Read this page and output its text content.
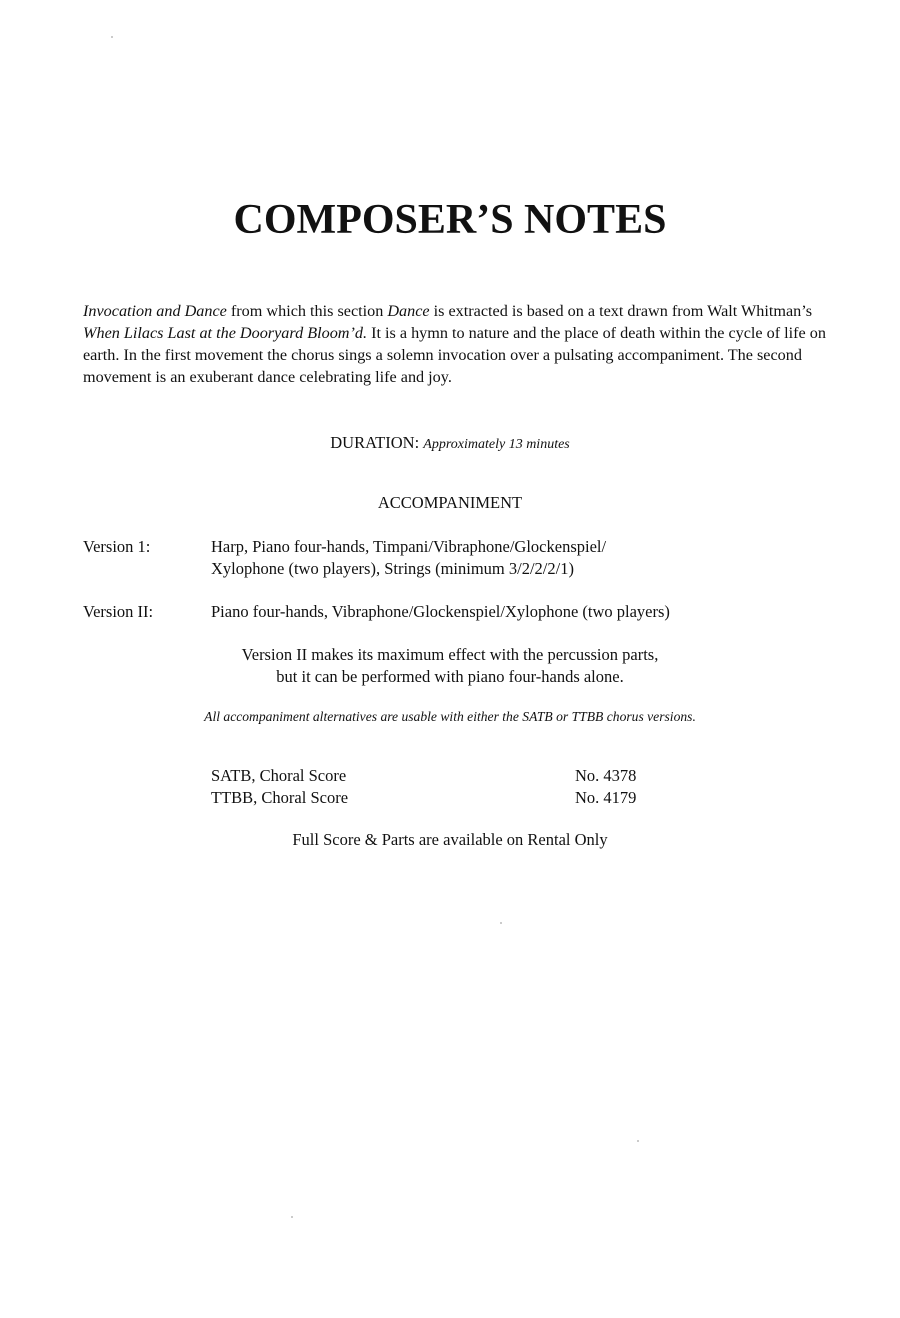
COMPOSER’S NOTES

Invocation and Dance from which this section Dance is extracted is based on a text drawn from Walt Whitman’s When Lilacs Last at the Dooryard Bloom’d. It is a hymn to nature and the place of death within the cycle of life on earth. In the first movement the chorus sings a solemn invocation over a pulsating accompaniment. The second movement is an exuberant dance celebrating life and joy.

DURATION: Approximately 13 minutes

ACCOMPANIMENT

Version 1:	Harp, Piano four-hands, Timpani/Vibraphone/Glockenspiel/
Xylophone (two players), Strings (minimum 3/2/2/2/1)

Version II:	Piano four-hands, Vibraphone/Glockenspiel/Xylophone (two players)

Version II makes its maximum effect with the percussion parts,
but it can be performed with piano four-hands alone.

All accompaniment alternatives are usable with either the SATB or TTBB chorus versions.

SATB, Choral Score	No. 4378
TTBB, Choral Score	No. 4179

Full Score & Parts are available on Rental Only
